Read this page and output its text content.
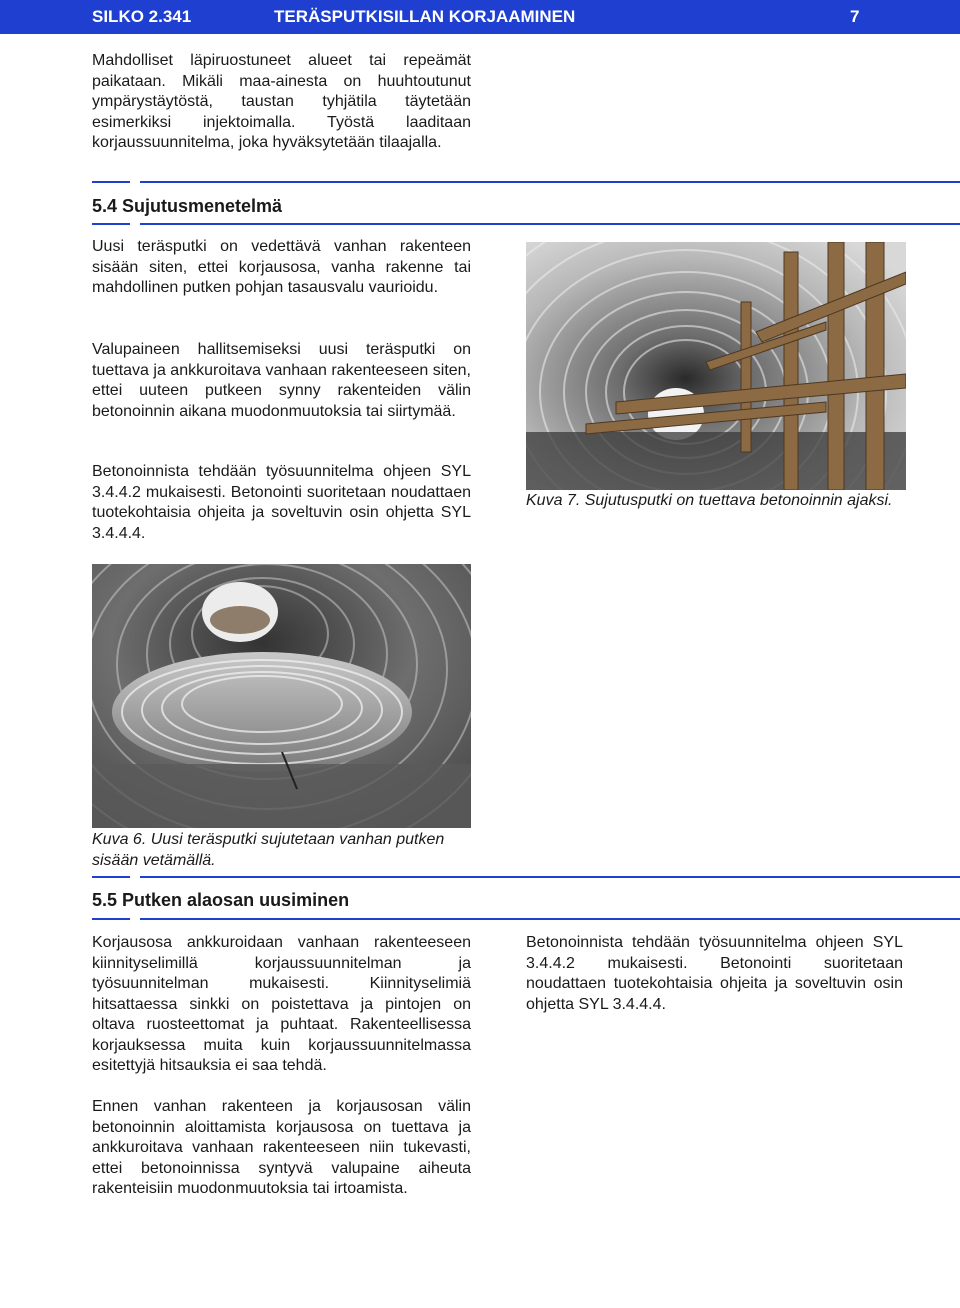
SILKO 2.341	TERÄSPUTKISILLAN KORJAAMINEN	7

Mahdolliset läpiruostuneet alueet tai repeämät paikataan. Mikäli maa-ainesta on huuhtoutunut ympärystäytöstä, taustan tyhjätila täytetään esimerkiksi injektoimalla. Työstä laaditaan korjaussuunnitelma, joka hyväksytetään tilaajalla.

5.4 Sujutusmenetelmä

Uusi teräsputki on vedettävä vanhan rakenteen sisään siten, ettei korjausosa, vanha rakenne tai mahdollinen putken pohjan tasausvalu vaurioidu.

Valupaineen hallitsemiseksi uusi teräsputki on tuettava ja ankkuroitava vanhaan rakenteeseen siten, ettei uuteen putkeen synny rakenteiden välin betonoinnin aikana muodonmuutoksia tai siirtymää.

Betonoinnista tehdään työsuunnitelma ohjeen SYL 3.4.4.2 mukaisesti. Betonointi suoritetaan noudattaen tuotekohtaisia ohjeita ja soveltuvin osin ohjetta SYL 3.4.4.4.

Kuva 7. Sujutusputki on tuettava betonoinnin ajaksi.

Kuva 6. Uusi teräsputki sujutetaan vanhan putken sisään vetämällä.

5.5 Putken alaosan uusiminen

Korjausosa ankkuroidaan vanhaan rakenteeseen kiinnityselimillä korjaussuunnitelman ja työsuunnitelman mukaisesti. Kiinnityselimiä hitsattaessa sinkki on poistettava ja pintojen on oltava ruosteettomat ja puhtaat. Rakenteellisessa korjauksessa muita kuin korjaussuunnitelmassa esitettyjä hitsauksia ei saa tehdä.

Ennen vanhan rakenteen ja korjausosan välin betonoinnin aloittamista korjausosa on tuettava ja ankkuroitava vanhaan rakenteeseen niin tukevasti, ettei betonoinnissa syntyvä valupaine aiheuta rakenteisiin muodonmuutoksia tai irtoamista.

Betonoinnista tehdään työsuunnitelma ohjeen SYL 3.4.4.2 mukaisesti. Betonointi suoritetaan noudattaen tuotekohtaisia ohjeita ja soveltuvin osin ohjetta SYL 3.4.4.4.
